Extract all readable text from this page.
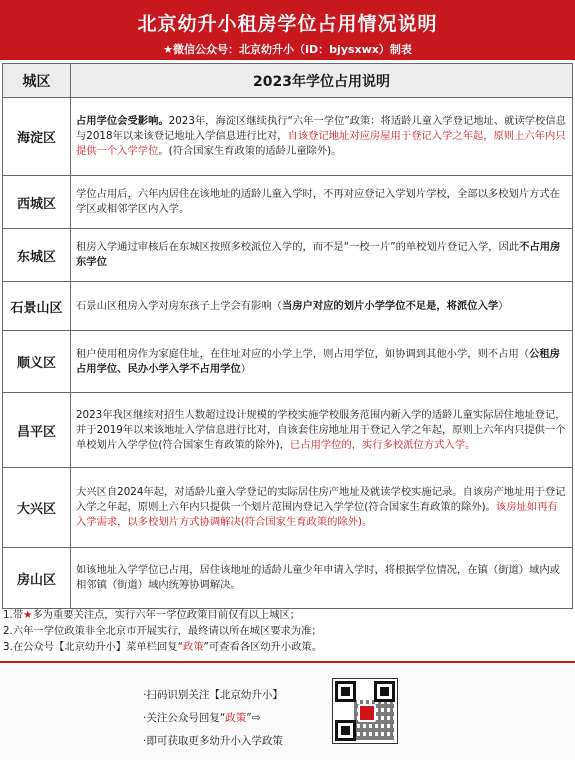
北京幼升小租房学位占用情况说明
★微信公众号：北京幼升小（ID：bjysxwx）制表
城区	2023年学位占用说明
海淀区	占用学位会受影响。2023年，海淀区继续执行“六年一学位”政策：将适龄儿童入学登记地址、就读学校信息与2018年以来该登记地址入学信息进行比对，自该登记地址对应房屋用于登记入学之年起，原则上六年内只提供一个入学学位。(符合国家生育政策的适龄儿童除外)。
西城区	学位占用后，六年内居住在该地址的适龄儿童入学时，不再对应登记入学划片学校，全部以多校划片方式在学区或相邻学区内入学。
东城区	租房入学通过审核后在东城区按照多校派位入学的，而不是“一校一片”的单校划片登记入学，因此不占用房东学位
石景山区	石景山区租房入学对房东孩子上学会有影响（当房户对应的划片小学学位不足是，将派位入学）
顺义区	租户使用租房作为家庭住址，在住址对应的小学上学，则占用学位，如协调到其他小学，则不占用（公租房占用学位、民办小学入学不占用学位）
昌平区	2023年我区继续对招生人数超过设计规模的学校实施学校服务范围内新入学的适龄儿童实际居住地址登记，并于2019年以来该地址入学信息进行比对，自该套住房地址用于登记入学之年起，原则上六年内只提供一个单校划片入学学位(符合国家生育政策的除外)，已占用学位的，实行多校派位方式入学。
大兴区	大兴区自2024年起，对适龄儿童入学登记的实际居住房产地址及就读学校实施记录。自该房产地址用于登记入学之年起，原则上六年内只提供一个划片范围内登记入学学位(符合国家生育政策的除外)。该房址如再有入学需求，以多校划片方式协调解决(符合国家生育政策的除外)。
房山区	如该地址入学学位已占用，居住该地址的适龄儿童少年申请入学时，将根据学位情况，在镇（街道）域内或相邻镇（街道）域内统筹协调解决。
1.带★多为重要关注点，实行六年一学位政策目前仅有以上城区；
2.六年一学位政策非全北京市开展实行，最终请以所在城区要求为准；
3.在公众号【北京幼升小】菜单栏回复“政策”可查看各区幼升小政策。
·扫码识别关注【北京幼升小】
·关注公众号回复“政策”⇨
·即可获取更多幼升小入学政策
